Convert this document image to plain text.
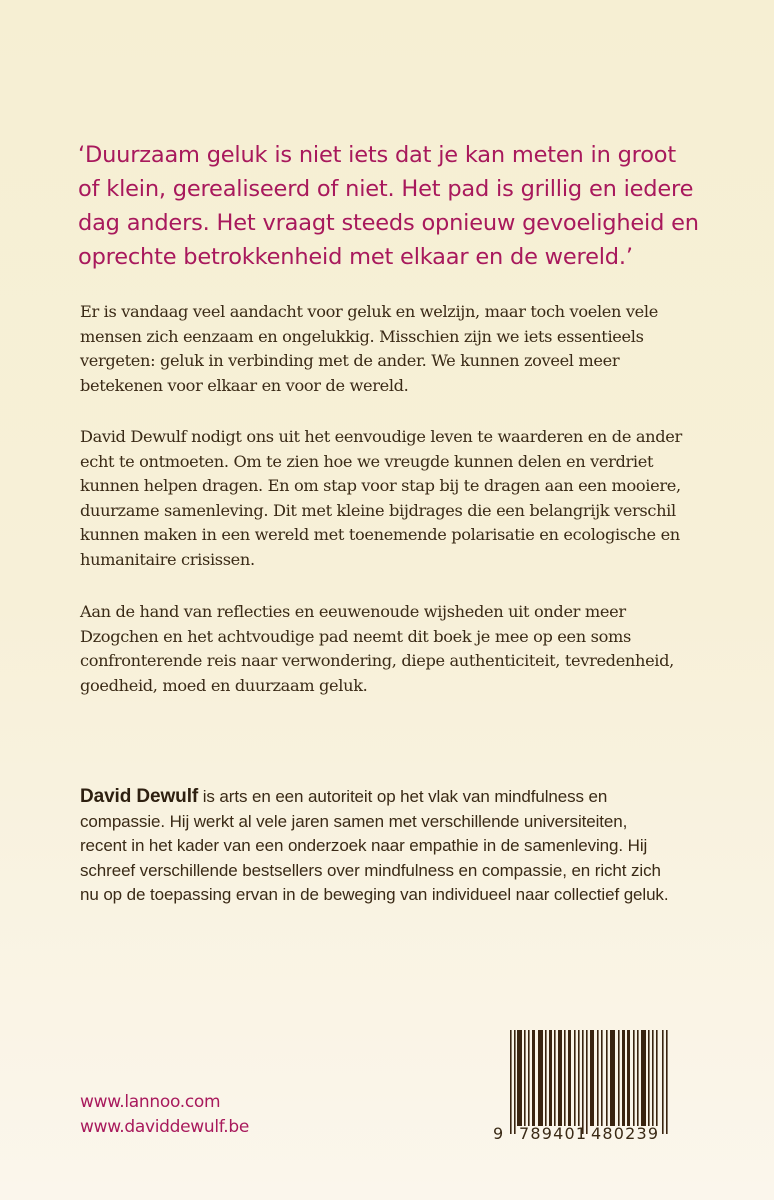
‘Duurzaam geluk is niet iets dat je kan meten in groot
of klein, gerealiseerd of niet. Het pad is grillig en iedere
dag anders. Het vraagt steeds opnieuw gevoeligheid en
oprechte betrokkenheid met elkaar en de wereld.’
Er is vandaag veel aandacht voor geluk en welzijn, maar toch voelen vele
mensen zich eenzaam en ongelukkig. Misschien zijn we iets essentieels
vergeten: geluk in verbinding met de ander. We kunnen zoveel meer
betekenen voor elkaar en voor de wereld.
David Dewulf nodigt ons uit het eenvoudige leven te waarderen en de ander
echt te ontmoeten. Om te zien hoe we vreugde kunnen delen en verdriet
kunnen helpen dragen. En om stap voor stap bij te dragen aan een mooiere,
duurzame samenleving. Dit met kleine bijdrages die een belangrijk verschil
kunnen maken in een wereld met toenemende polarisatie en ecologische en
humanitaire crisissen.
Aan de hand van reflecties en eeuwenoude wijsheden uit onder meer
Dzogchen en het achtvoudige pad neemt dit boek je mee op een soms
confronterende reis naar verwondering, diepe authenticiteit, tevredenheid,
goedheid, moed en duurzaam geluk.
David Dewulf is arts en een autoriteit op het vlak van mindfulness en
compassie. Hij werkt al vele jaren samen met verschillende universiteiten,
recent in het kader van een onderzoek naar empathie in de samenleving. Hij
schreef verschillende bestsellers over mindfulness en compassie, en richt zich
nu op de toepassing ervan in de beweging van individueel naar collectief geluk.
www.lannoo.com
www.daviddewulf.be	9 789401 480239
